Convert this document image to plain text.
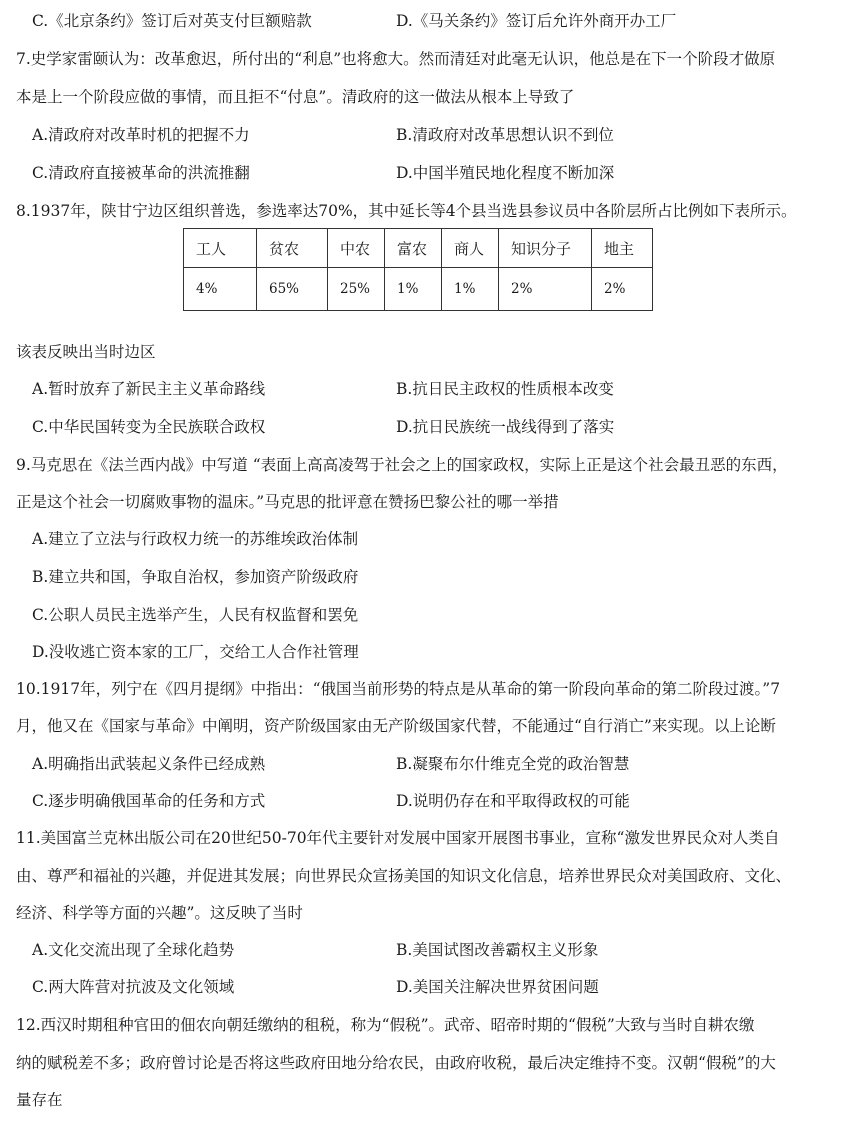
C.《北京条约》签订后对英支付巨额赔款	D.《马关条约》签订后允许外商开办工厂
7.史学家雷颐认为：改革愈迟，所付出的“利息”也将愈大。然而清廷对此毫无认识，他总是在下一个阶段才做原
本是上一个阶段应做的事情，而且拒不“付息”。清政府的这一做法从根本上导致了
A.清政府对改革时机的把握不力	B.清政府对改革思想认识不到位
C.清政府直接被革命的洪流推翻	D.中国半殖民地化程度不断加深
8.1937年，陕甘宁边区组织普选，参选率达70%，其中延长等4个县当选县参议员中各阶层所占比例如下表所示。
工人	贫农	中农	富农	商人	知识分子	地主
4%	65%	25%	1%	1%	2%	2%
该表反映出当时边区
A.暂时放弃了新民主主义革命路线	B.抗日民主政权的性质根本改变
C.中华民国转变为全民族联合政权	D.抗日民族统一战线得到了落实
9.马克思在《法兰西内战》中写道 “表面上高高凌驾于社会之上的国家政权，实际上正是这个社会最丑恶的东西，
正是这个社会一切腐败事物的温床。”马克思的批评意在赞扬巴黎公社的哪一举措
A.建立了立法与行政权力统一的苏维埃政治体制
B.建立共和国，争取自治权，参加资产阶级政府
C.公职人员民主选举产生，人民有权监督和罢免
D.没收逃亡资本家的工厂，交给工人合作社管理
10.1917年，列宁在《四月提纲》中指出：“俄国当前形势的特点是从革命的第一阶段向革命的第二阶段过渡。”7
月，他又在《国家与革命》中阐明，资产阶级国家由无产阶级国家代替，不能通过“自行消亡”来实现。以上论断
A.明确指出武装起义条件已经成熟	B.凝聚布尔什维克全党的政治智慧
C.逐步明确俄国革命的任务和方式	D.说明仍存在和平取得政权的可能
11.美国富兰克林出版公司在20世纪50-70年代主要针对发展中国家开展图书事业，宣称“激发世界民众对人类自
由、尊严和福祉的兴趣，并促进其发展；向世界民众宣扬美国的知识文化信息，培养世界民众对美国政府、文化、
经济、科学等方面的兴趣”。这反映了当时
A.文化交流出现了全球化趋势	B.美国试图改善霸权主义形象
C.两大阵营对抗波及文化领域	D.美国关注解决世界贫困问题
12.西汉时期租种官田的佃农向朝廷缴纳的租税，称为“假税”。武帝、昭帝时期的“假税”大致与当时自耕农缴
纳的赋税差不多；政府曾讨论是否将这些政府田地分给农民，由政府收税，最后决定维持不变。汉朝“假税”的大
量存在
